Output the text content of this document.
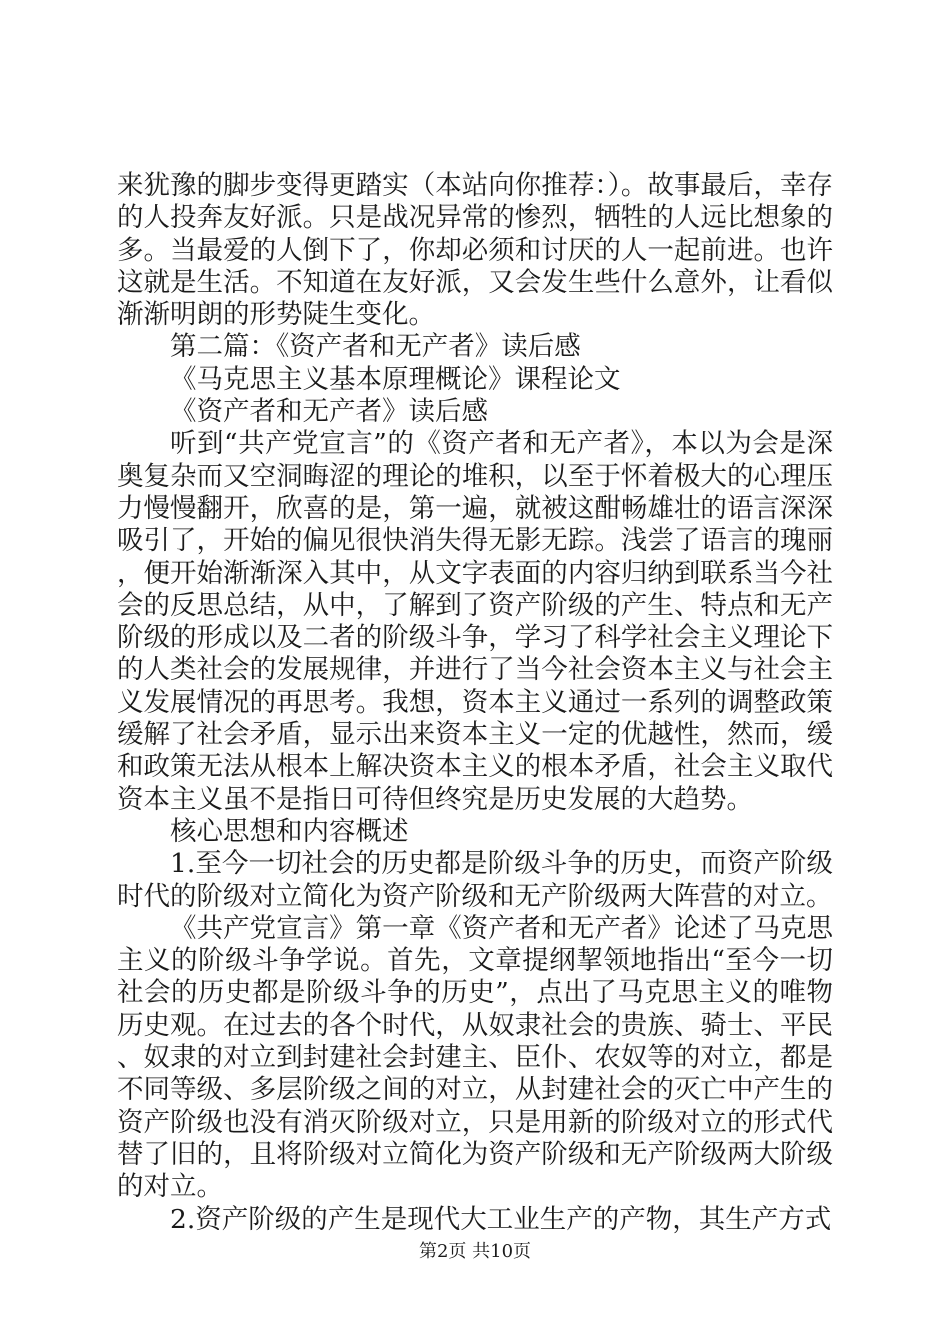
来犹豫的脚步变得更踏实（本站向你推荐：）。故事最后，幸存的人投奔友好派。只是战况异常的惨烈，牺牲的人远比想象的多。当最爱的人倒下了，你却必须和讨厌的人一起前进。也许这就是生活。不知道在友好派，又会发生些什么意外，让看似渐渐明朗的形势陡生变化。

第二篇：《资产者和无产者》读后感

《马克思主义基本原理概论》课程论文

《资产者和无产者》读后感

听到“共产党宣言”的《资产者和无产者》，本以为会是深奥复杂而又空洞晦涩的理论的堆积，以至于怀着极大的心理压力慢慢翻开，欣喜的是，第一遍，就被这酣畅雄壮的语言深深吸引了，开始的偏见很快消失得无影无踪。浅尝了语言的瑰丽，便开始渐渐深入其中，从文字表面的内容归纳到联系当今社会的反思总结，从中，了解到了资产阶级的产生、特点和无产阶级的形成以及二者的阶级斗争，学习了科学社会主义理论下的人类社会的发展规律，并进行了当今社会资本主义与社会主义发展情况的再思考。我想，资本主义通过一系列的调整政策缓解了社会矛盾，显示出来资本主义一定的优越性，然而，缓和政策无法从根本上解决资本主义的根本矛盾，社会主义取代资本主义虽不是指日可待但终究是历史发展的大趋势。

核心思想和内容概述

1.至今一切社会的历史都是阶级斗争的历史，而资产阶级时代的阶级对立简化为资产阶级和无产阶级两大阵营的对立。

《共产党宣言》第一章《资产者和无产者》论述了马克思主义的阶级斗争学说。首先，文章提纲挈领地指出“至今一切社会的历史都是阶级斗争的历史”，点出了马克思主义的唯物历史观。在过去的各个时代，从奴隶社会的贵族、骑士、平民、奴隶的对立到封建社会封建主、臣仆、农奴等的对立，都是不同等级、多层阶级之间的对立，从封建社会的灭亡中产生的资产阶级也没有消灭阶级对立，只是用新的阶级对立的形式代替了旧的，且将阶级对立简化为资产阶级和无产阶级两大阶级的对立。

2.资产阶级的产生是现代大工业生产的产物，其生产方式

第2页 共10页
